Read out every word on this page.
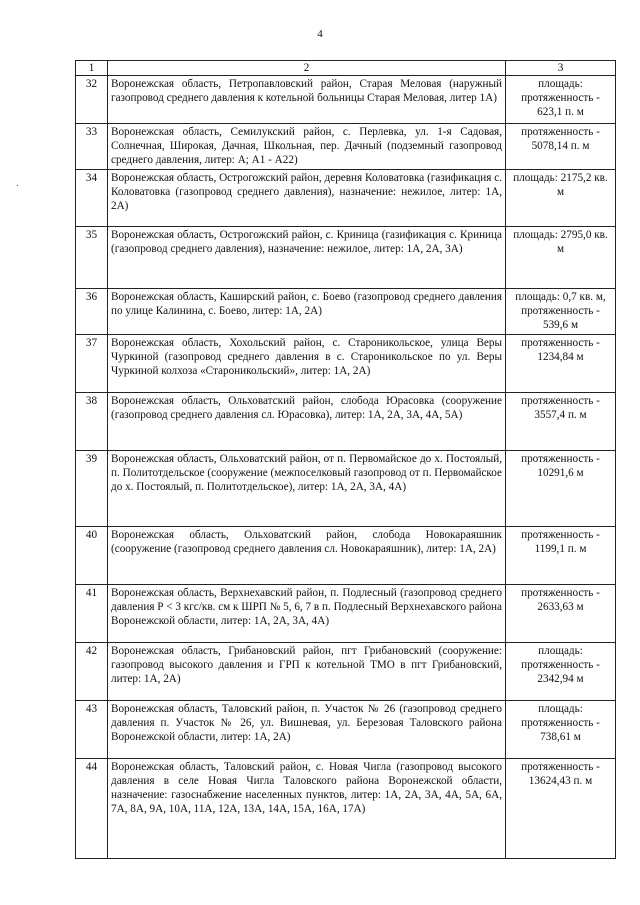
4
.
1	2	3
32	Воронежская область, Петропавловский район, Старая Меловая (наружный газопровод среднего давления к котельной больницы Старая Меловая, литер 1А)	площадь: протяженность - 623,1 п. м
33	Воронежская область, Семилукский район, с. Перлевка, ул. 1-я Садовая, Солнечная, Широкая, Дачная, Школьная, пер. Дачный (подземный газопровод среднего давления, литер: А; А1 - А22)	протяженность - 5078,14 п. м
34	Воронежская область, Острогожский район, деревня Коловатовка (газификация с. Коловатовка (газопровод среднего давления), назначение: нежилое, литер: 1А, 2А)	площадь: 2175,2 кв. м
35	Воронежская область, Острогожский район, с. Криница (газификация с. Криница (газопровод среднего давления), назначение: нежилое, литер: 1А, 2А, 3А)	площадь: 2795,0 кв. м
36	Воронежская область, Каширский район, с. Боево (газопровод среднего давления по улице Калинина, с. Боево, литер: 1А, 2А)	площадь: 0,7 кв. м, протяженность - 539,6 м
37	Воронежская область, Хохольский район, с. Староникольское, улица Веры Чуркиной (газопровод среднего давления в с. Староникольское по ул. Веры Чуркиной колхоза «Староникольский», литер: 1А, 2А)	протяженность - 1234,84 м
38	Воронежская область, Ольховатский район, слобода Юрасовка (сооружение (газопровод среднего давления сл. Юрасовка), литер: 1А, 2А, 3А, 4А, 5А)	протяженность - 3557,4 п. м
39	Воронежская область, Ольховатский район, от п. Первомайское до х. Постоялый, п. Политотдельское (сооружение (межпоселковый газопровод от п. Первомайское до х. Постоялый, п. Политотдельское), литер: 1А, 2А, 3А, 4А)	протяженность - 10291,6 м
40	Воронежская область, Ольховатский район, слобода Новокараяшник (сооружение (газопровод среднего давления сл. Новокараяшник), литер: 1А, 2А)	протяженность - 1199,1 п. м
41	Воронежская область, Верхнехавский район, п. Подлесный (газопровод среднего давления Р < 3 кгс/кв. см к ШРП № 5, 6, 7 в п. Подлесный Верхнехавского района Воронежской области, литер: 1А, 2А, 3А, 4А)	протяженность - 2633,63 м
42	Воронежская область, Грибановский район, пгт Грибановский (сооружение: газопровод высокого давления и ГРП к котельной ТМО в пгт Грибановский, литер: 1А, 2А)	площадь: протяженность - 2342,94 м
43	Воронежская область, Таловский район, п. Участок № 26 (газопровод среднего давления п. Участок № 26, ул. Вишневая, ул. Березовая Таловского района Воронежской области, литер: 1А, 2А)	площадь: протяженность - 738,61 м
44	Воронежская область, Таловский район, с. Новая Чигла (газопровод высокого давления в селе Новая Чигла Таловского района Воронежской области, назначение: газоснабжение населенных пунктов, литер: 1А, 2А, 3А, 4А, 5А, 6А, 7А, 8А, 9А, 10А, 11А, 12А, 13А, 14А, 15А, 16А, 17А)	протяженность - 13624,43 п. м
